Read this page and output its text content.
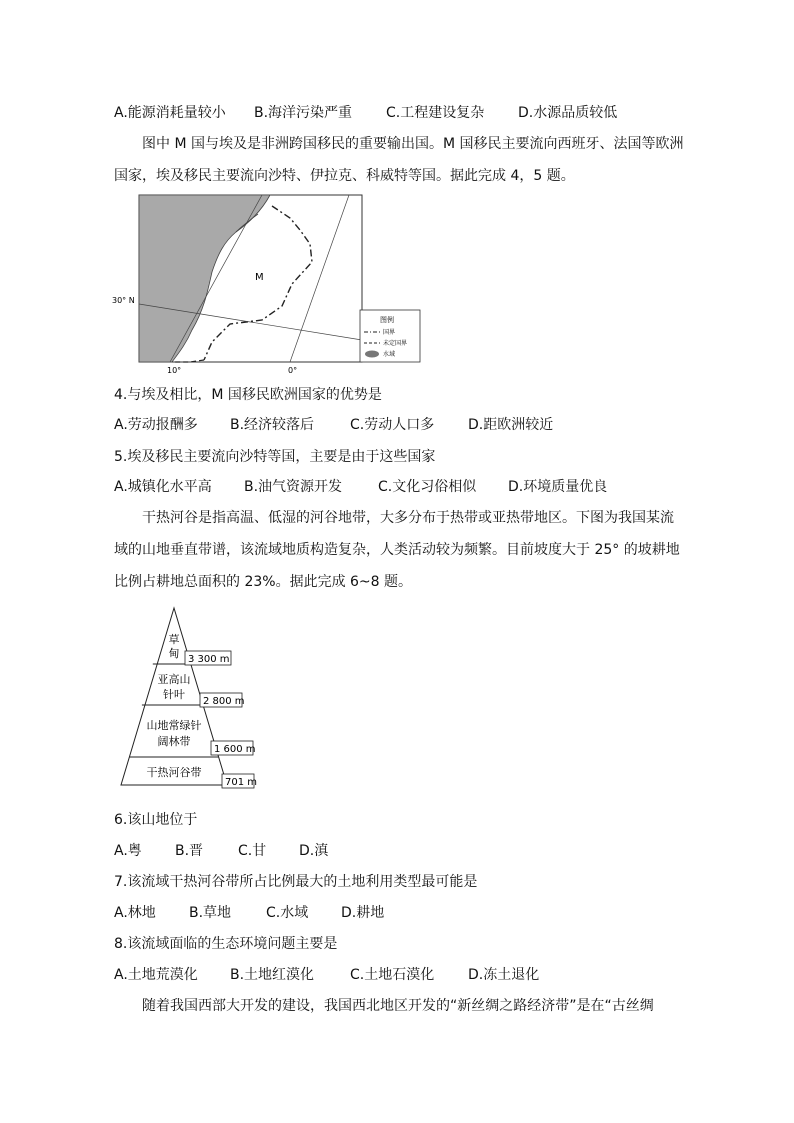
A.能源消耗量较小 B.海洋污染严重 C.工程建设复杂 D.水源品质较低
图中 M 国与埃及是非洲跨国移民的重要输出国。M 国移民主要流向西班牙、法国等欧洲
国家，埃及移民主要流向沙特、伊拉克、科威特等国。据此完成 4，5 题。
M
30° N
10°	0°
图例
国界
未定国界
水域
4.与埃及相比，M 国移民欧洲国家的优势是
A.劳动报酬多 B.经济较落后	C.劳动人口多 D.距欧洲较近
5.埃及移民主要流向沙特等国，主要是由于这些国家
A.城镇化水平高 B.油气资源开发	C.文化习俗相似 D.环境质量优良
干热河谷是指高温、低湿的河谷地带，大多分布于热带或亚热带地区。下图为我国某流
域的山地垂直带谱，该流域地质构造复杂，人类活动较为频繁。目前坡度大于 25° 的坡耕地
比例占耕地总面积的 23%。据此完成 6~8 题。
草
甸
亚高山
针叶
山地常绿针
阔林带
干热河谷带
3 300 m
2 800 m
1 600 m
701 m
6.该山地位于
A.粤 B.晋 C.甘 D.滇
7.该流域干热河谷带所占比例最大的土地利用类型最可能是
A.林地 B.草地 C.水域 D.耕地
8.该流域面临的生态环境问题主要是
A.土地荒漠化 B.土地红漠化	C.土地石漠化 D.冻土退化
随着我国西部大开发的建设，我国西北地区开发的“新丝绸之路经济带”是在“古丝绸
